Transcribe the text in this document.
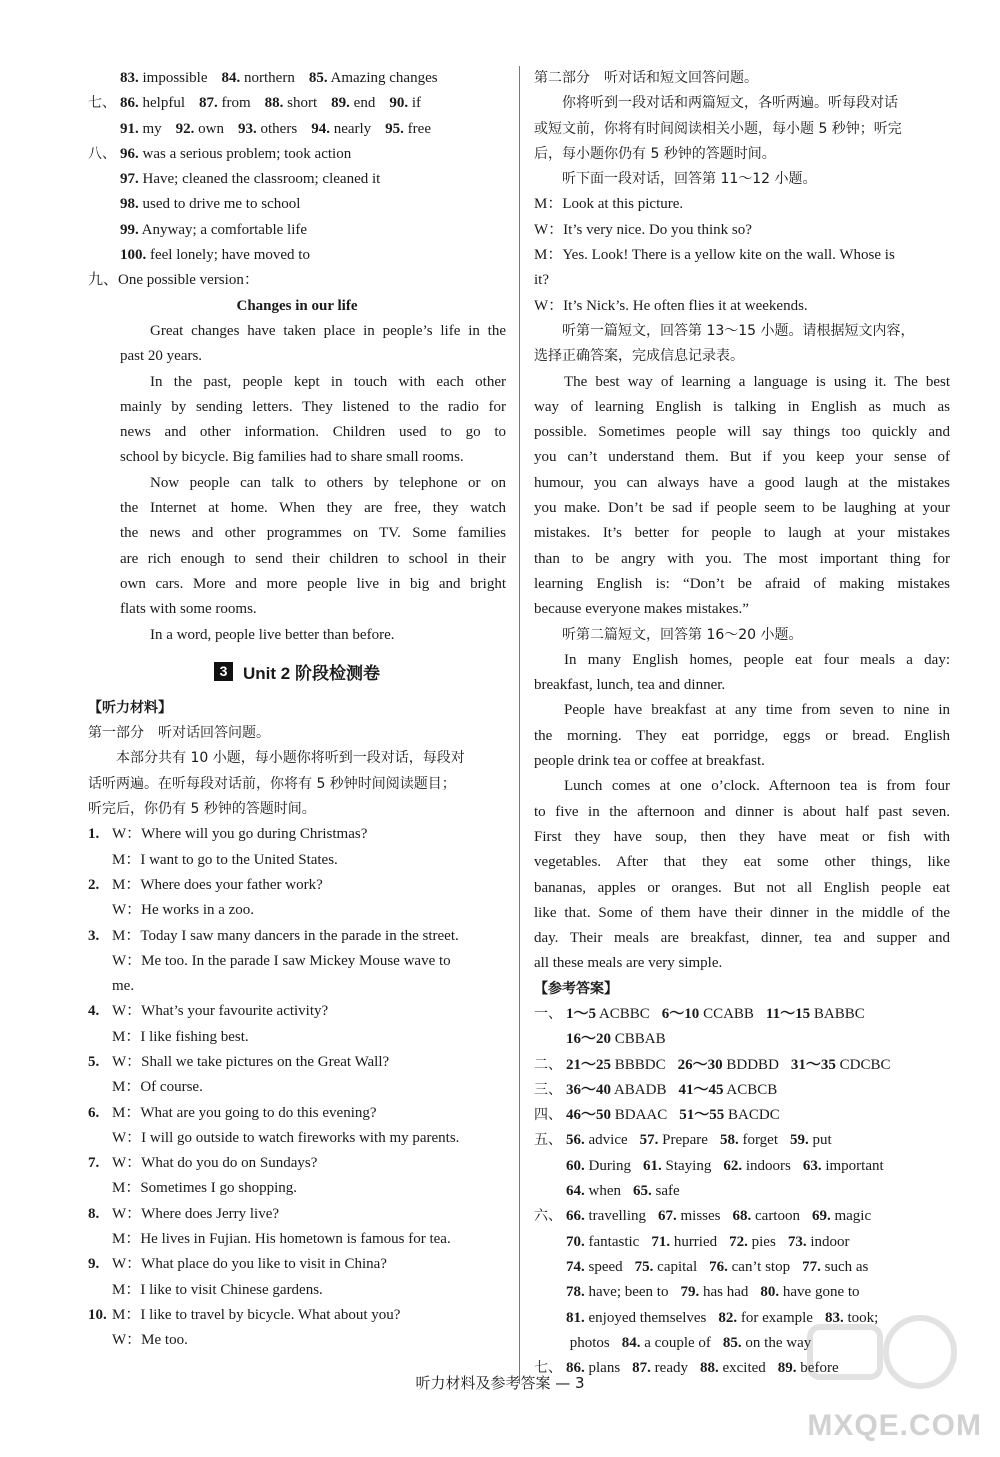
83. impossible 84. northern 85. Amazing changes
七、 86. helpful 87. from 88. short 89. end 90. if
91. my 92. own 93. others 94. nearly 95. free
八、 96. was a serious problem; took action
97. Have; cleaned the classroom; cleaned it
98. used to drive me to school
99. Anyway; a comfortable life
100. feel lonely; have moved to
九、One possible version：
Changes in our life
Great changes have taken place in people’s life in the
past 20 years.
In the past, people kept in touch with each other
mainly by sending letters. They listened to the radio for
news and other information. Children used to go to
school by bicycle. Big families had to share small rooms.
Now people can talk to others by telephone or on
the Internet at home. When they are free, they watch
the news and other programmes on TV. Some families
are rich enough to send their children to school in their
own cars. More and more people live in big and bright
flats with some rooms.
In a word, people live better than before.
3 Unit 2 阶段检测卷
【听力材料】
第一部分　听对话回答问题。
本部分共有 10 小题，每小题你将听到一段对话，每段对
话听两遍。在听每段对话前，你将有 5 秒钟时间阅读题目；
听完后，你仍有 5 秒钟的答题时间。
1. W：Where will you go during Christmas?
M：I want to go to the United States.
2. M：Where does your father work?
W：He works in a zoo.
3. M：Today I saw many dancers in the parade in the street.
W：Me too. In the parade I saw Mickey Mouse wave to
me.
4. W：What’s your favourite activity?
M：I like fishing best.
5. W：Shall we take pictures on the Great Wall?
M：Of course.
6. M：What are you going to do this evening?
W：I will go outside to watch fireworks with my parents.
7. W：What do you do on Sundays?
M：Sometimes I go shopping.
8. W：Where does Jerry live?
M：He lives in Fujian. His hometown is famous for tea.
9. W：What place do you like to visit in China?
M：I like to visit Chinese gardens.
10. M：I like to travel by bicycle. What about you?
W：Me too.
第二部分　听对话和短文回答问题。
你将听到一段对话和两篇短文，各听两遍。听每段对话
或短文前，你将有时间阅读相关小题，每小题 5 秒钟；听完
后，每小题你仍有 5 秒钟的答题时间。
听下面一段对话，回答第 11～12 小题。
M：Look at this picture.
W：It’s very nice. Do you think so?
M：Yes. Look! There is a yellow kite on the wall. Whose is
it?
W：It’s Nick’s. He often flies it at weekends.
听第一篇短文，回答第 13～15 小题。请根据短文内容，
选择正确答案，完成信息记录表。
The best way of learning a language is using it. The best
way of learning English is talking in English as much as
possible. Sometimes people will say things too quickly and
you can’t understand them. But if you keep your sense of
humour, you can always have a good laugh at the mistakes
you make. Don’t be sad if people seem to be laughing at your
mistakes. It’s better for people to laugh at your mistakes
than to be angry with you. The most important thing for
learning English is: “Don’t be afraid of making mistakes
because everyone makes mistakes.”
听第二篇短文，回答第 16～20 小题。
In many English homes, people eat four meals a day:
breakfast, lunch, tea and dinner.
People have breakfast at any time from seven to nine in
the morning. They eat porridge, eggs or bread. English
people drink tea or coffee at breakfast.
Lunch comes at one o’clock. Afternoon tea is from four
to five in the afternoon and dinner is about half past seven.
First they have soup, then they have meat or fish with
vegetables. After that they eat some other things, like
bananas, apples or oranges. But not all English people eat
like that. Some of them have their dinner in the middle of the
day. Their meals are breakfast, dinner, tea and supper and
all these meals are very simple.
【参考答案】
一、 1～5 ACBBC 6～10 CCABB 11～15 BABBC
16～20 CBBAB
二、 21～25 BBBDC 26～30 BDDBD 31～35 CDCBC
三、 36～40 ABADB 41～45 ACBCB
四、 46～50 BDAAC 51～55 BACDC
五、 56. advice 57. Prepare 58. forget 59. put
60. During 61. Staying 62. indoors 63. important
64. when 65. safe
六、 66. travelling 67. misses 68. cartoon 69. magic
70. fantastic 71. hurried 72. pies 73. indoor
74. speed 75. capital 76. can’t stop 77. such as
78. have; been to 79. has had 80. have gone to
81. enjoyed themselves 82. for example 83. took;
photos 84. a couple of 85. on the way
七、 86. plans 87. ready 88. excited 89. before
听力材料及参考答案 — 3
MXQE.COM
